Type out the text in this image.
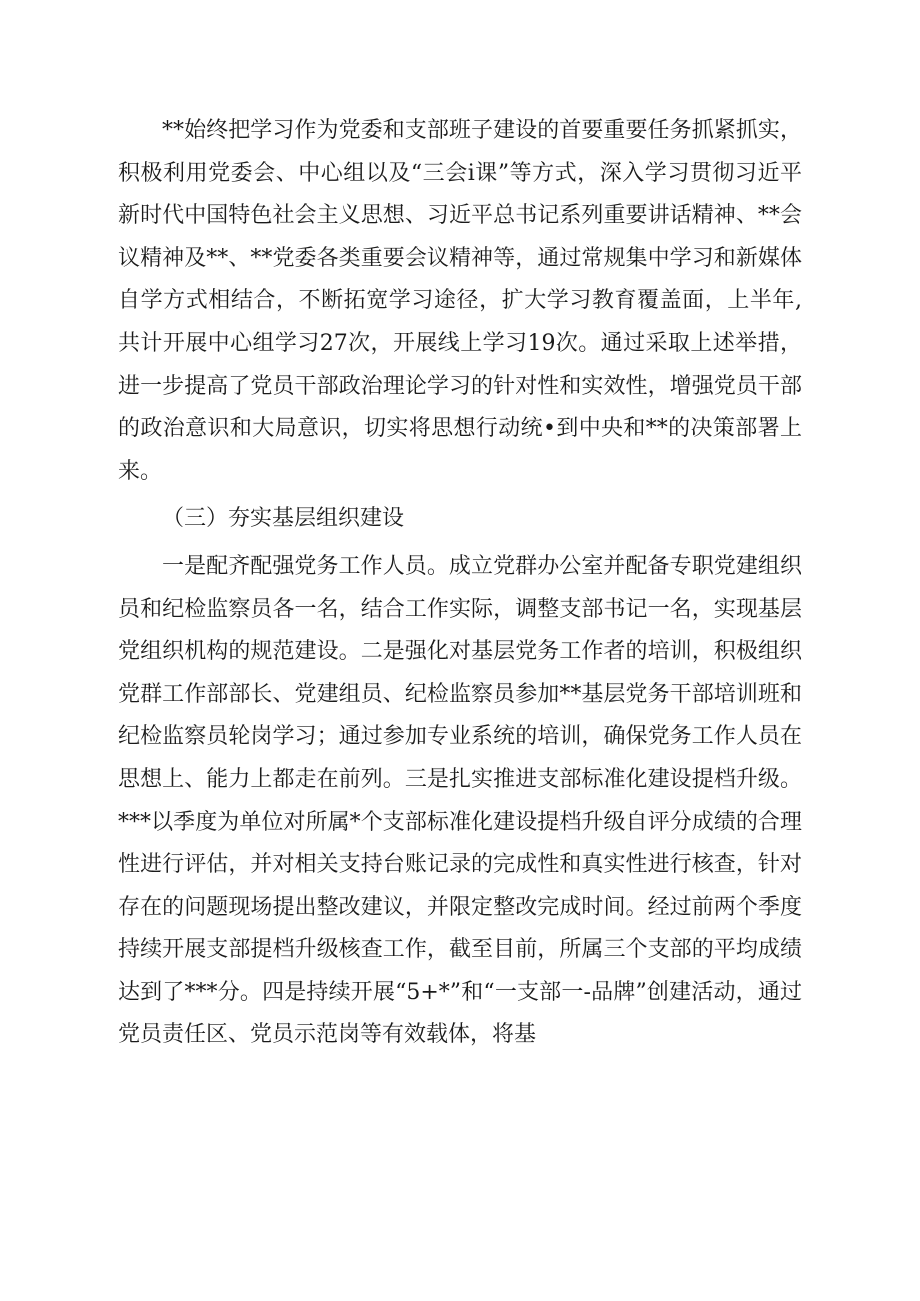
**始终把学习作为党委和支部班子建设的首要重要任务抓紧抓实，积极利用党委会、中心组以及“三会i课”等方式，深入学习贯彻习近平新时代中国特色社会主义思想、习近平总书记系列重要讲话精神、**会议精神及**、**党委各类重要会议精神等，通过常规集中学习和新媒体自学方式相结合，不断拓宽学习途径，扩大学习教育覆盖面，上半年,共计开展中心组学习27次，开展线上学习19次。通过采取上述举措，进一步提高了党员干部政治理论学习的针对性和实效性，增强党员干部的政治意识和大局意识，切实将思想行动统•到中央和**的决策部署上来。

（三）夯实基层组织建设

一是配齐配强党务工作人员。成立党群办公室并配备专职党建组织员和纪检监察员各一名，结合工作实际，调整支部书记一名，实现基层党组织机构的规范建设。二是强化对基层党务工作者的培训，积极组织党群工作部部长、党建组员、纪检监察员参加**基层党务干部培训班和纪检监察员轮岗学习；通过参加专业系统的培训，确保党务工作人员在思想上、能力上都走在前列。三是扎实推进支部标准化建设提档升级。***以季度为单位对所属*个支部标准化建设提档升级自评分成绩的合理性进行评估，并对相关支持台账记录的完成性和真实性进行核查，针对存在的问题现场提出整改建议，并限定整改完成时间。经过前两个季度持续开展支部提档升级核查工作，截至目前，所属三个支部的平均成绩达到了***分。四是持续开展“5+*”和“一支部一-品牌”创建活动，通过党员责任区、党员示范岗等有效载体，将基
